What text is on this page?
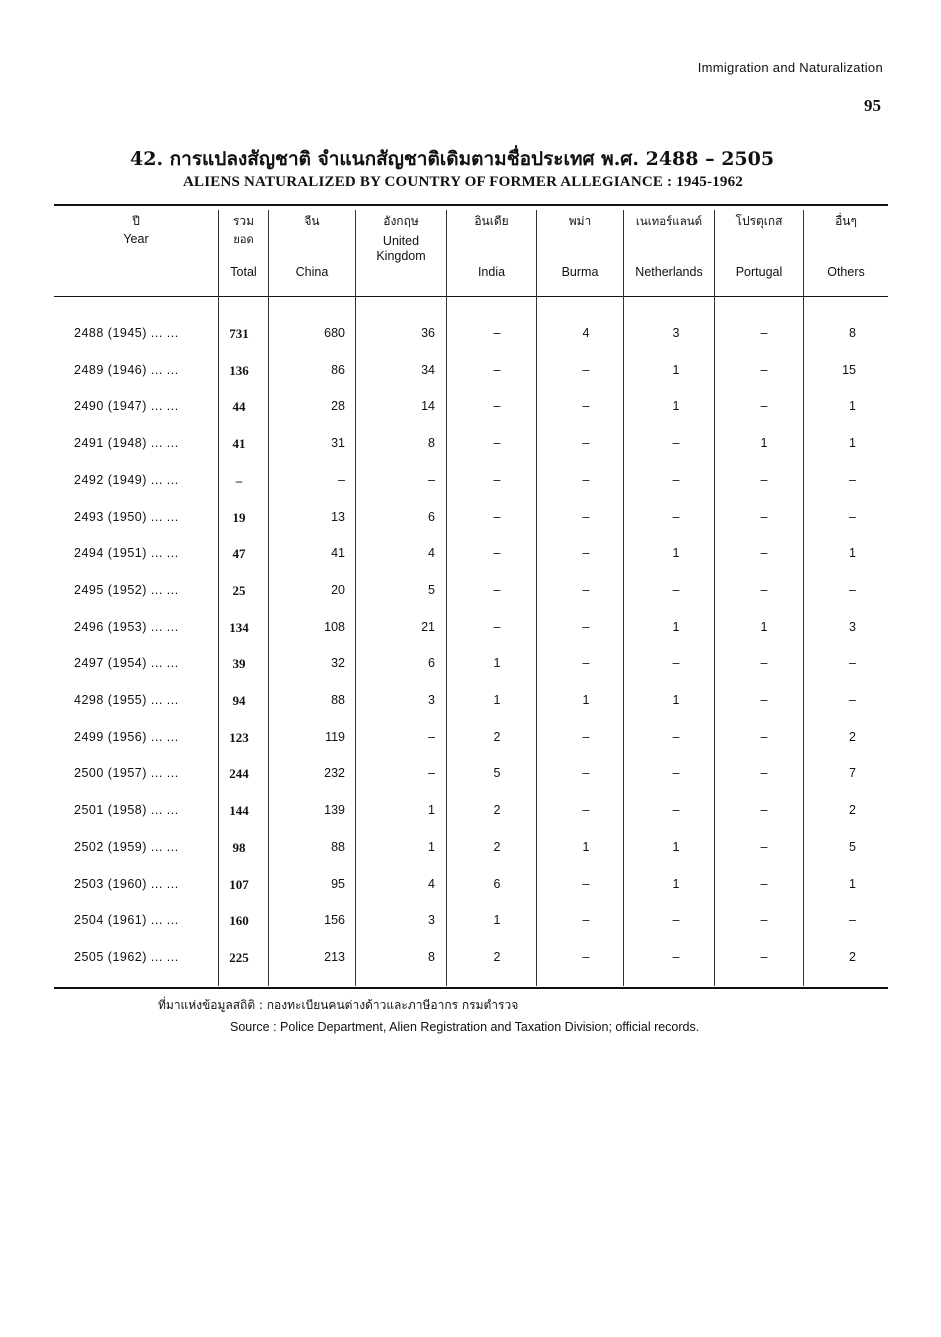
Immigration and Naturalization
95
42. การแปลงสัญชาติ จำแนกสัญชาติเดิมตามชื่อประเทศ พ.ศ. 2488 – 2505
ALIENS NATURALIZED BY COUNTRY OF FORMER ALLEGIANCE : 1945-1962
ปี
Year
รวม
ยอด
Total
จีน
China
อังกฤษ
United Kingdom
อินเดีย
India
พม่า
Burma
เนเทอร์แลนด์
Netherlands
โปรตุเกส
Portugal
อื่นๆ
Others
2488 (1945) ... ...	731	680	36	–	4	3	–	8
2489 (1946) ... ...	136	86	34	–	–	1	–	15
2490 (1947) ... ...	44	28	14	–	–	1	–	1
2491 (1948) ... ...	41	31	8	–	–	–	1	1
2492 (1949) ... ...	–	–	–	–	–	–	–	–
2493 (1950) ... ...	19	13	6	–	–	–	–	–
2494 (1951) ... ...	47	41	4	–	–	1	–	1
2495 (1952) ... ...	25	20	5	–	–	–	–	–
2496 (1953) ... ...	134	108	21	–	–	1	1	3
2497 (1954) ... ...	39	32	6	1	–	–	–	–
4298 (1955) ... ...	94	88	3	1	1	1	–	–
2499 (1956) ... ...	123	119	–	2	–	–	–	2
2500 (1957) ... ...	244	232	–	5	–	–	–	7
2501 (1958) ... ...	144	139	1	2	–	–	–	2
2502 (1959) ... ...	98	88	1	2	1	1	–	5
2503 (1960) ... ...	107	95	4	6	–	1	–	1
2504 (1961) ... ...	160	156	3	1	–	–	–	–
2505 (1962) ... ...	225	213	8	2	–	–	–	2
ที่มาแห่งข้อมูลสถิติ : กองทะเบียนคนต่างด้าวและภาษีอากร กรมตำรวจ
Source : Police Department, Alien Registration and Taxation Division; official records.
